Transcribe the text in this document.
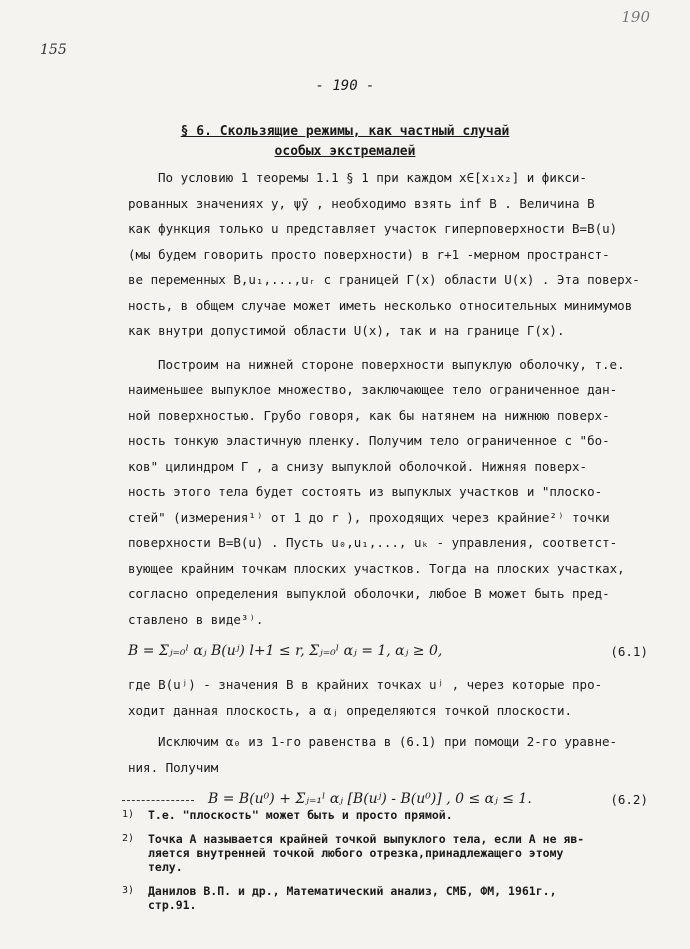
190
155
- 190 -
§ 6. Скользящие режимы, как частный случай
особых экстремалей
По условию 1 теоремы 1.1 § 1 при каждом x∈[x₁x₂] и фикси-
рованных значениях y, ψ̄y , необходимо взять inf B . Величина B
как функция только u представляет участок гиперповерхности B=B(u)
(мы будем говорить просто поверхности) в r+1 -мерном пространст-
ве переменных B,u₁,...,uᵣ с границей Γ(x) области U(x) . Эта поверх-
ность, в общем случае может иметь несколько относительных минимумов
как внутри допустимой области U(x), так и на границе Γ(x).
Построим на нижней стороне поверхности выпуклую оболочку, т.е.
наименьшее выпуклое множество, заключающее тело ограниченное дан-
ной поверхностью. Грубо говоря, как бы натянем на нижнюю поверх-
ность тонкую эластичную пленку. Получим тело ограниченное с "бо-
ков" цилиндром Γ , а снизу выпуклой оболочкой. Нижняя поверх-
ность этого тела будет состоять из выпуклых участков и "плоско-
стей" (измерения¹⁾ от 1 до r ), проходящих через крайние²⁾ точки
поверхности B=B(u) . Пусть u₀,u₁,..., uₖ - управления, соответст-
вующее крайним точкам плоских участков. Тогда на плоских участках,
согласно определения выпуклой оболочки, любое B может быть пред-
ставлено в виде³⁾.
B = Σⱼ₌₀ˡ αⱼ B(uʲ) l+1 ≤ r, Σⱼ₌₀ˡ αⱼ = 1, αⱼ ≥ 0,	(6.1)
где B(uʲ) - значения B в крайних точках uʲ , через которые про-
ходит данная плоскость, а αⱼ определяются точкой плоскости.
Исключим α₀ из 1-го равенства в (6.1) при помощи 2-го уравне-
ния. Получим
B = B(u⁰) + Σⱼ₌₁ˡ αⱼ [B(uʲ) - B(u⁰)] , 0 ≤ αⱼ ≤ 1.	(6.2)
1)	Т.е. "плоскость" может быть и просто прямой.
2)	Точка A называется крайней точкой выпуклого тела, если A не яв-
ляется внутренней точкой любого отрезка,принадлежащего этому
телу.
3)	Данилов В.П. и др., Математический анализ, СМБ, ФМ, 1961г.,
стр.91.
